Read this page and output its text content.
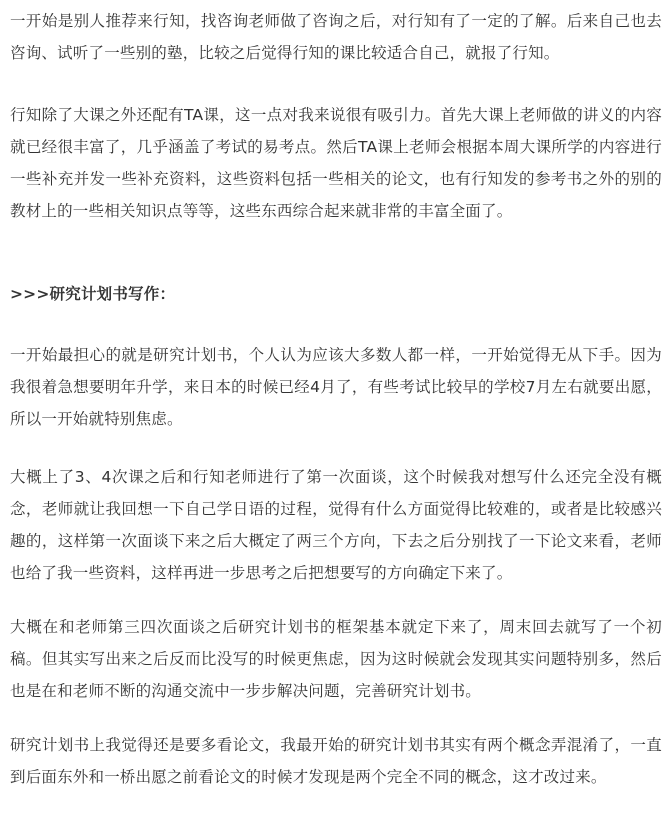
一开始是别人推荐来行知，找咨询老师做了咨询之后，对行知有了一定的了解。后来自己也去咨询、试听了一些别的塾，比较之后觉得行知的课比较适合自己，就报了行知。

行知除了大课之外还配有TA课，这一点对我来说很有吸引力。首先大课上老师做的讲义的内容就已经很丰富了，几乎涵盖了考试的易考点。然后TA课上老师会根据本周大课所学的内容进行一些补充并发一些补充资料，这些资料包括一些相关的论文，也有行知发的参考书之外的别的教材上的一些相关知识点等等，这些东西综合起来就非常的丰富全面了。

>>>研究计划书写作：

一开始最担心的就是研究计划书，个人认为应该大多数人都一样，一开始觉得无从下手。因为我很着急想要明年升学，来日本的时候已经4月了，有些考试比较早的学校7月左右就要出愿，所以一开始就特别焦虑。

大概上了3、4次课之后和行知老师进行了第一次面谈，这个时候我对想写什么还完全没有概念，老师就让我回想一下自己学日语的过程，觉得有什么方面觉得比较难的，或者是比较感兴趣的，这样第一次面谈下来之后大概定了两三个方向，下去之后分别找了一下论文来看，老师也给了我一些资料，这样再进一步思考之后把想要写的方向确定下来了。

大概在和老师第三四次面谈之后研究计划书的框架基本就定下来了，周末回去就写了一个初稿。但其实写出来之后反而比没写的时候更焦虑，因为这时候就会发现其实问题特别多，然后也是在和老师不断的沟通交流中一步步解决问题，完善研究计划书。

研究计划书上我觉得还是要多看论文，我最开始的研究计划书其实有两个概念弄混淆了，一直到后面东外和一桥出愿之前看论文的时候才发现是两个完全不同的概念，这才改过来。
